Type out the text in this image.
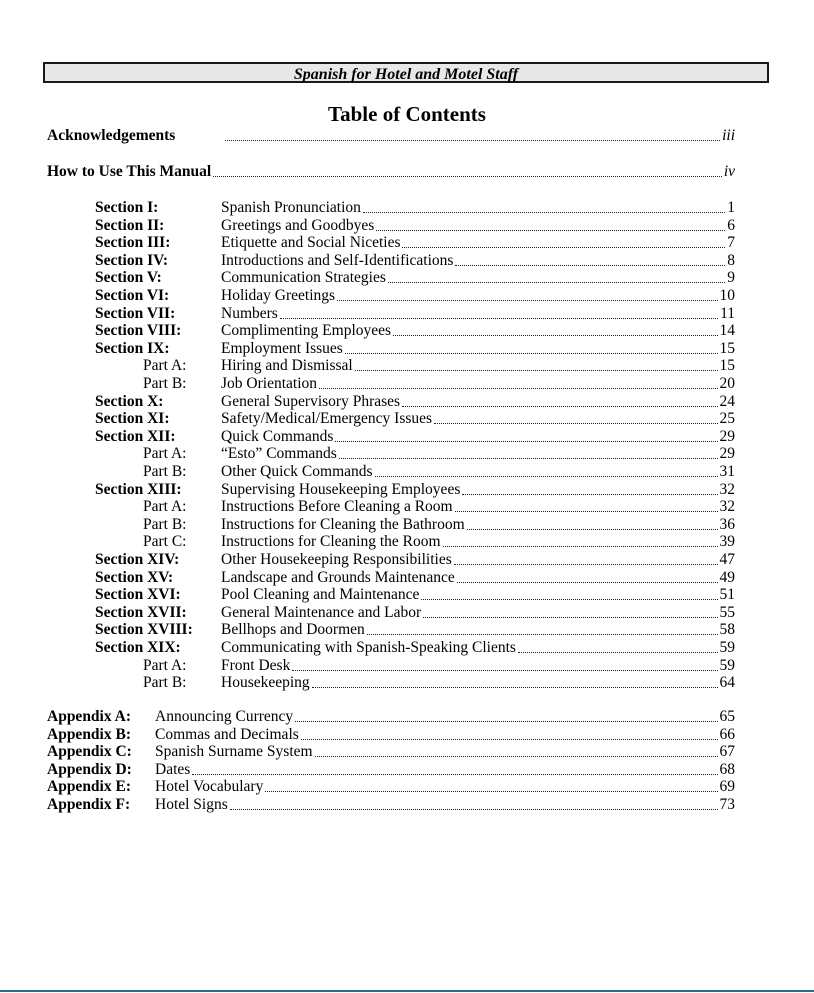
Spanish for Hotel and Motel Staff
Table of Contents
Acknowledgements	iii
How to Use This Manual	iv
Section I:	Spanish Pronunciation	1
Section II:	Greetings and Goodbyes	6
Section III:	Etiquette and Social Niceties	7
Section IV:	Introductions and Self-Identifications	8
Section V:	Communication Strategies	9
Section VI:	Holiday Greetings	10
Section VII:	Numbers	11
Section VIII:	Complimenting Employees	14
Section IX:	Employment Issues	15
Part A:	Hiring and Dismissal	15
Part B:	Job Orientation	20
Section X:	General Supervisory Phrases	24
Section XI:	Safety/Medical/Emergency Issues	25
Section XII:	Quick Commands	29
Part A:	“Esto” Commands	29
Part B:	Other Quick Commands	31
Section XIII:	Supervising Housekeeping Employees	32
Part A:	Instructions Before Cleaning a Room	32
Part B:	Instructions for Cleaning the Bathroom	36
Part C:	Instructions for Cleaning the Room	39
Section XIV:	Other Housekeeping Responsibilities	47
Section XV:	Landscape and Grounds Maintenance	49
Section XVI:	Pool Cleaning and Maintenance	51
Section XVII:	General Maintenance and Labor	55
Section XVIII:	Bellhops and Doormen	58
Section XIX:	Communicating with Spanish-Speaking Clients	59
Part A:	Front Desk	59
Part B:	Housekeeping	64
Appendix A:	Announcing Currency	65
Appendix B:	Commas and Decimals	66
Appendix C:	Spanish Surname System	67
Appendix D:	Dates	68
Appendix E:	Hotel Vocabulary	69
Appendix F:	Hotel Signs	73
